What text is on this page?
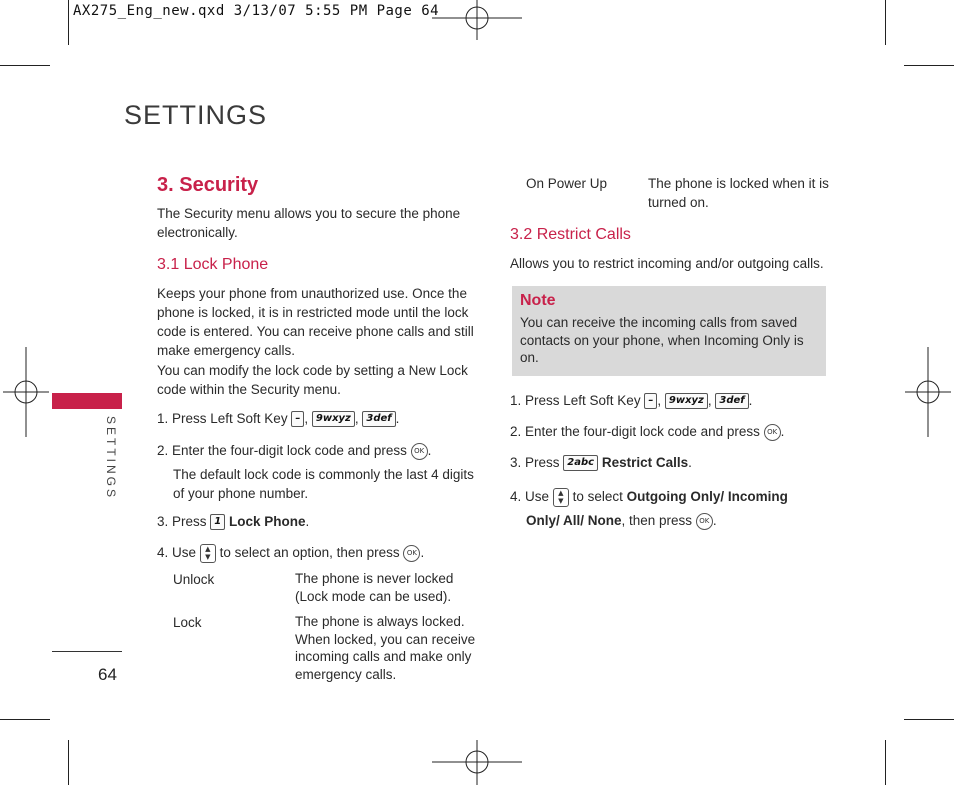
AX275_Eng_new.qxd 3/13/07 5:55 PM Page 64
SETTINGS
SETTINGS
64
3. Security
The Security menu allows you to secure the phone electronically.
3.1 Lock Phone
Keeps your phone from unauthorized use. Once the phone is locked, it is in restricted mode until the lock code is entered. You can receive phone calls and still make emergency calls.
You can modify the lock code by setting a New Lock code within the Security menu.
1. Press Left Soft Key – , 9wxyz , 3def .
2. Enter the four-digit lock code and press OK .
The default lock code is commonly the last 4 digits of your phone number.
3. Press 1 Lock Phone.
4. Use ▲
▼ to select an option, then press OK .
Unlock	The phone is never locked (Lock mode can be used).
Lock	The phone is always locked. When locked, you can receive incoming calls and make only emergency calls.
On Power Up	The phone is locked when it is turned on.
3.2 Restrict Calls
Allows you to restrict incoming and/or outgoing calls.
Note
You can receive the incoming calls from saved contacts on your phone, when Incoming Only is on.
1. Press Left Soft Key – , 9wxyz , 3def .
2. Enter the four-digit lock code and press OK .
3. Press 2abc Restrict Calls.
4. Use ▲
▼ to select Outgoing Only/ Incoming
Only/ All/ None, then press OK .
